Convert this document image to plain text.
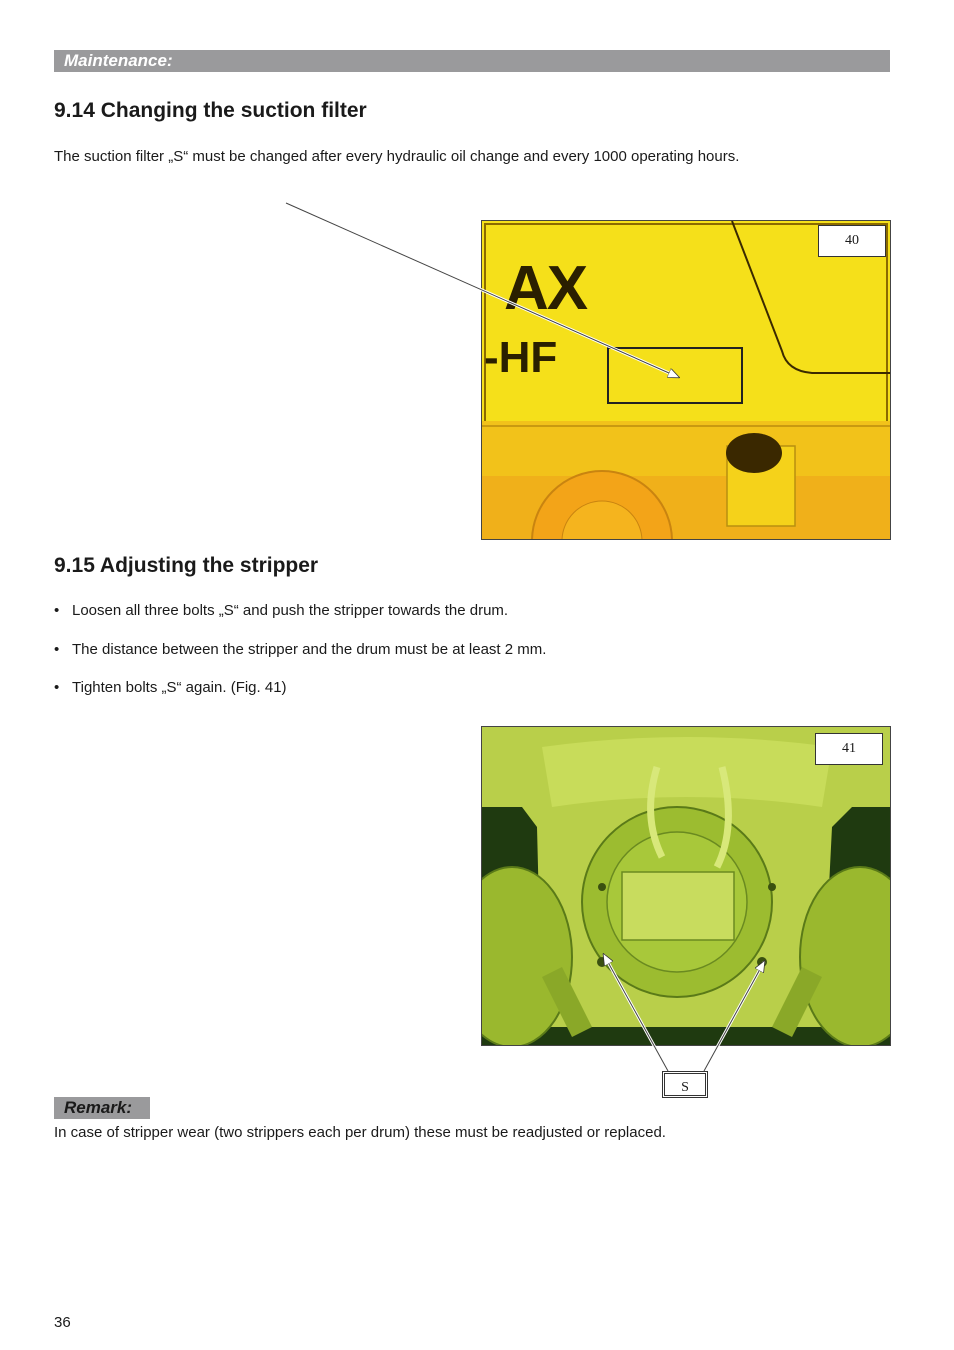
Maintenance:
9.14 Changing the suction filter
The suction filter „S“ must be changed after every hydraulic oil change and every 1000 operating hours.
AX
-HF
40
9.15 Adjusting the stripper
• Loosen all three bolts „S“ and push the stripper towards the drum.
• The distance between the stripper and the drum must be at least 2 mm.
• Tighten bolts „S“ again. (Fig. 41)
41
S
Remark:
In case of stripper wear (two strippers each per drum) these must be readjusted or replaced.
36
